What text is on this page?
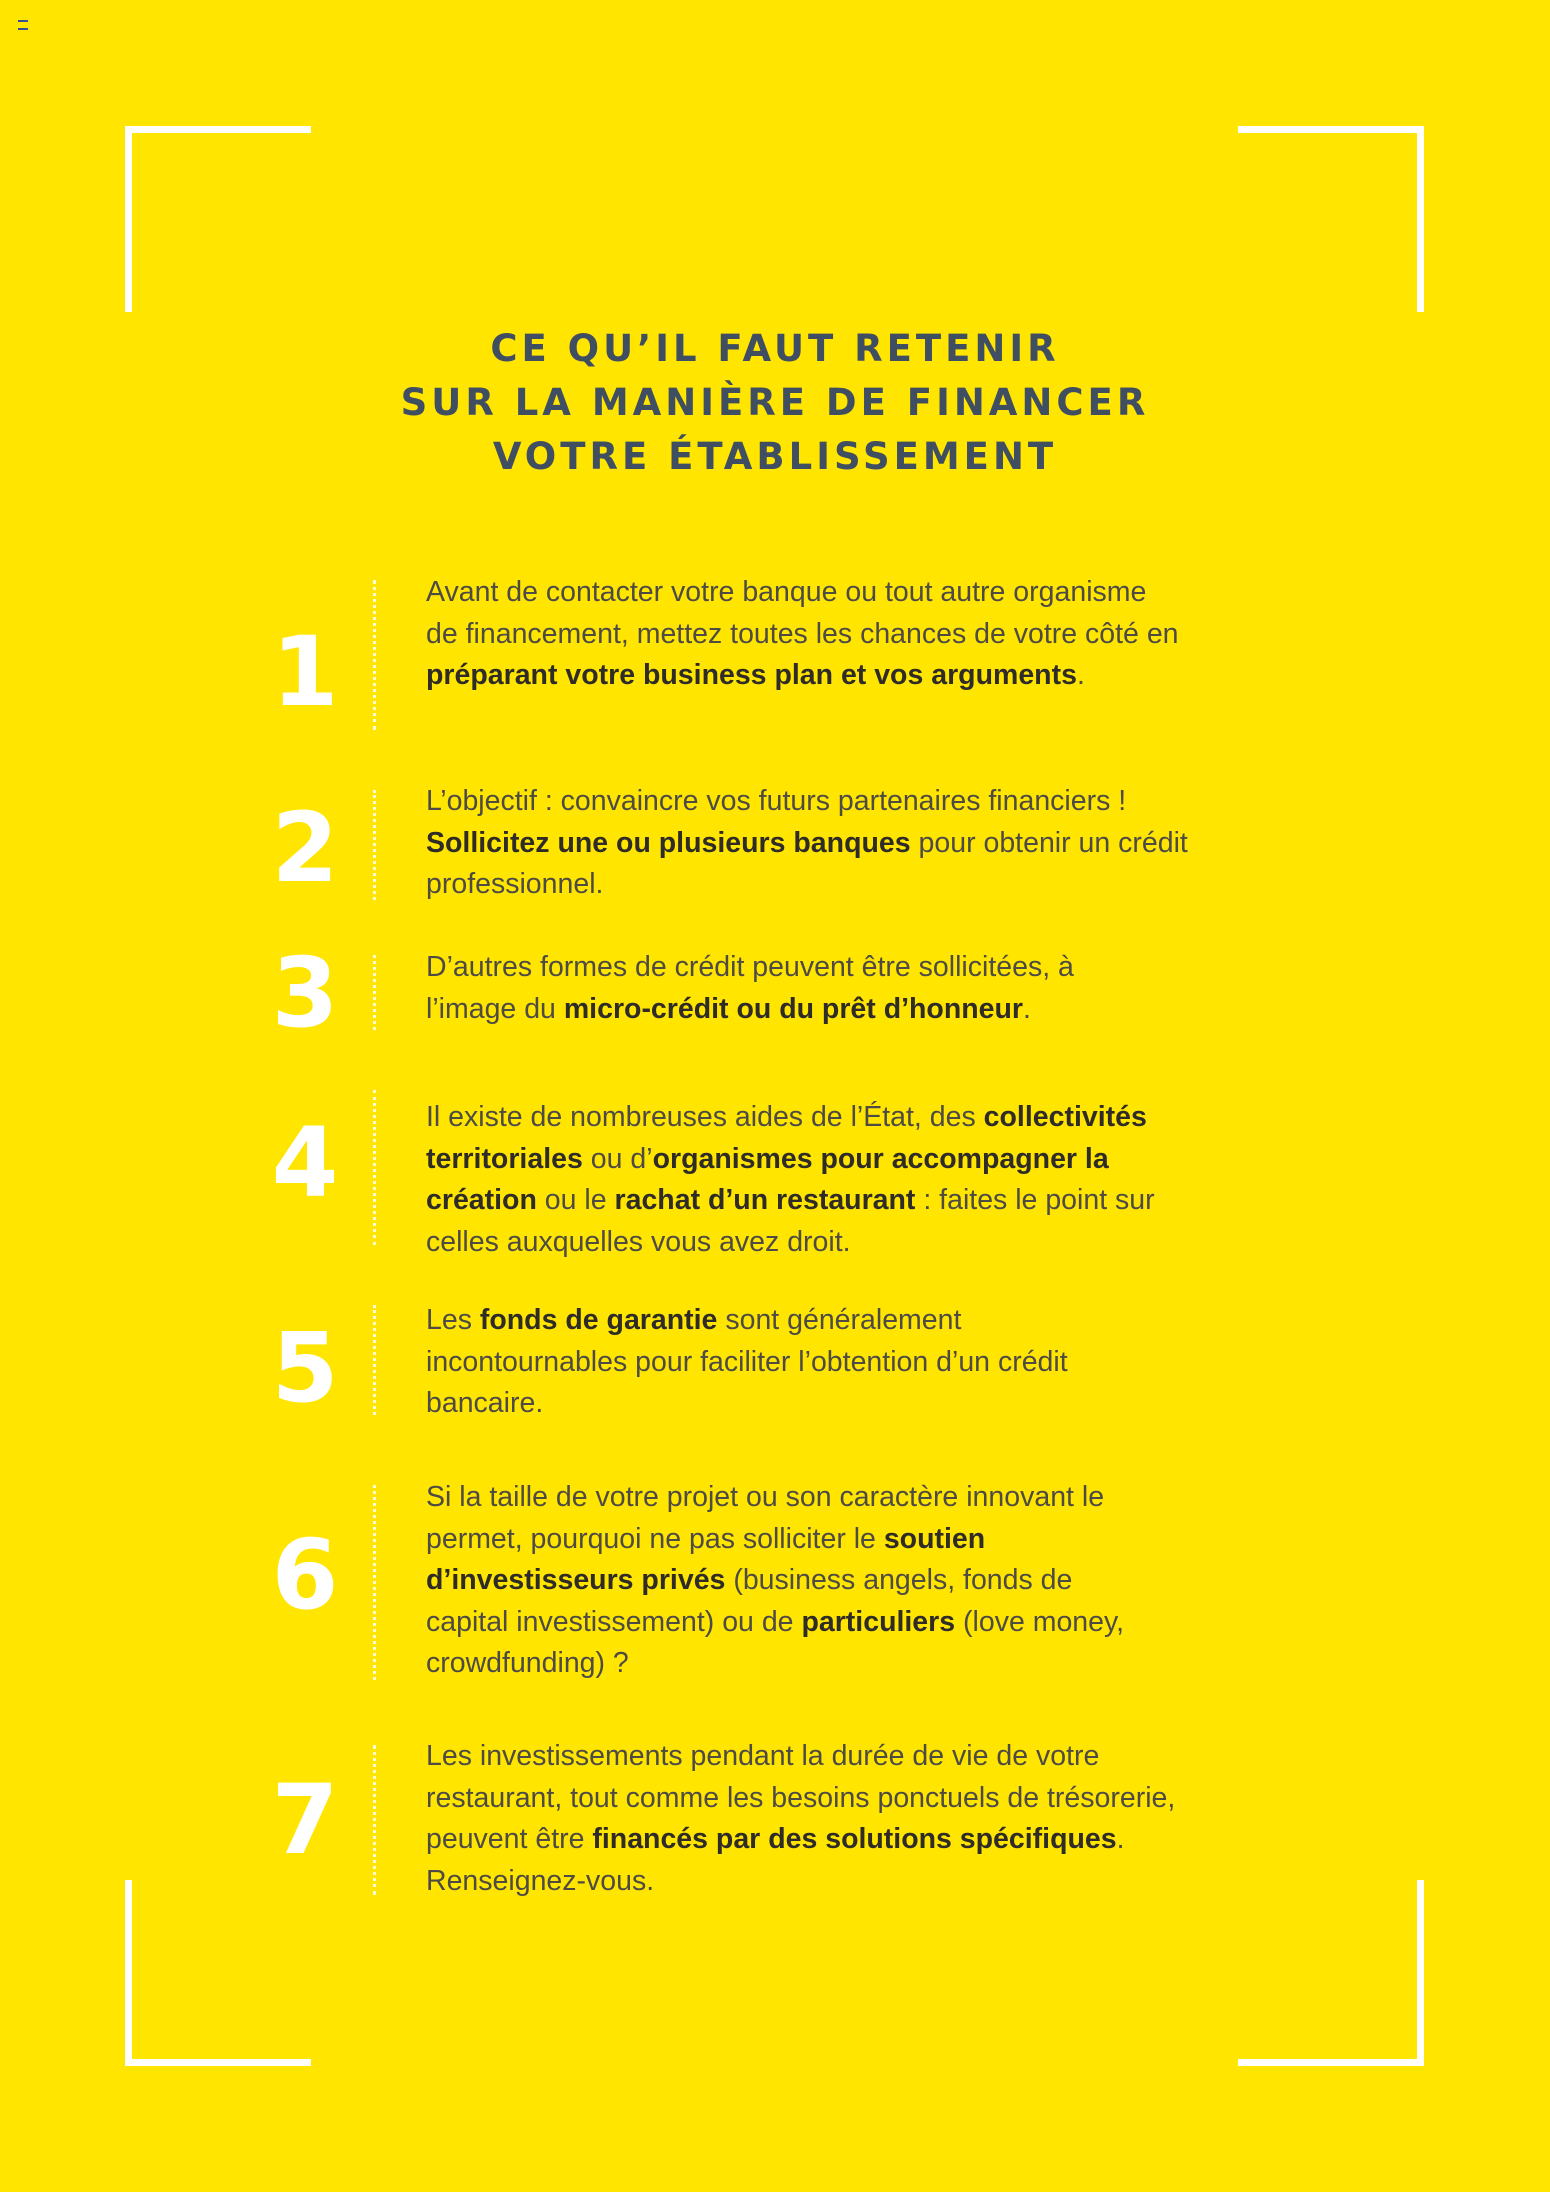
CE QU’IL FAUT RETENIR
SUR LA MANIÈRE DE FINANCER
VOTRE ÉTABLISSEMENT
1

Avant de contacter votre banque ou tout autre organisme de financement, mettez toutes les chances de votre côté en préparant votre business plan et vos arguments.

2	L’objectif : convaincre vos futurs partenaires financiers ! Sollicitez une ou plusieurs banques pour obtenir un crédit professionnel.

3	D’autres formes de crédit peuvent être sollicitées, à l’image du micro-crédit ou du prêt d’honneur.

4	Il existe de nombreuses aides de l’État, des collectivités territoriales ou d’organismes pour accompagner la création ou le rachat d’un restaurant : faites le point sur celles auxquelles vous avez droit.

5	Les fonds de garantie sont généralement incontournables pour faciliter l’obtention d’un crédit bancaire.

6

Si la taille de votre projet ou son caractère innovant le permet, pourquoi ne pas solliciter le soutien d’investisseurs privés (business angels, fonds de capital investissement) ou de particuliers (love money, crowdfunding) ?

7

Les investissements pendant la durée de vie de votre restaurant, tout comme les besoins ponctuels de trésorerie, peuvent être financés par des solutions spécifiques. Renseignez-vous.
